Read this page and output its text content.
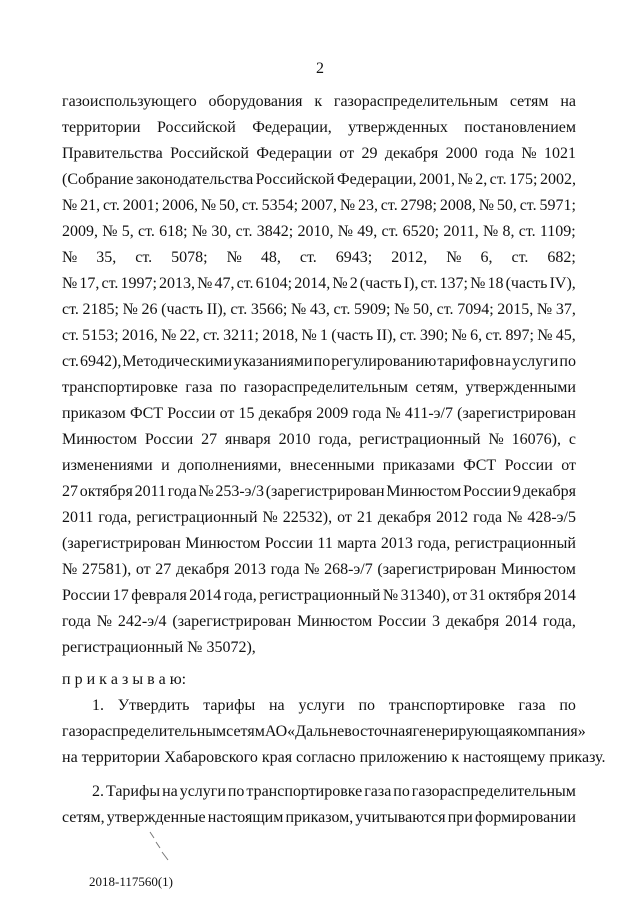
2
газоиспользующего оборудования к газораспределительным сетям на
территории Российской Федерации, утвержденных постановлением
Правительства Российской Федерации от 29 декабря 2000 года № 1021
(Собрание законодательства Российской Федерации, 2001, № 2, ст. 175; 2002,
№ 21, ст. 2001; 2006, № 50, ст. 5354; 2007, № 23, ст. 2798; 2008, № 50, ст. 5971;
2009, № 5, ст. 618; № 30, ст. 3842; 2010, № 49, ст. 6520; 2011, № 8, ст. 1109;
№ 35, ст. 5078; № 48, ст. 6943; 2012, № 6, ст. 682;
№ 17, ст. 1997; 2013, № 47, ст. 6104; 2014, № 2 (часть I), ст. 137; № 18 (часть IV),
ст. 2185; № 26 (часть II), ст. 3566; № 43, ст. 5909; № 50, ст. 7094; 2015, № 37,
ст. 5153; 2016, № 22, ст. 3211; 2018, № 1 (часть II), ст. 390; № 6, ст. 897; № 45,
ст. 6942), Методическими указаниями по регулированию тарифов на услуги по
транспортировке газа по газораспределительным сетям, утвержденными
приказом ФСТ России от 15 декабря 2009 года № 411-э/7 (зарегистрирован
Минюстом России 27 января 2010 года, регистрационный № 16076), с
изменениями и дополнениями, внесенными приказами ФСТ России от
27 октября 2011 года № 253-э/3 (зарегистрирован Минюстом России 9 декабря
2011 года, регистрационный № 22532), от 21 декабря 2012 года № 428-э/5
(зарегистрирован Минюстом России 11 марта 2013 года, регистрационный
№ 27581), от 27 декабря 2013 года № 268-э/7 (зарегистрирован Минюстом
России 17 февраля 2014 года, регистрационный № 31340), от 31 октября 2014
года № 242-э/4 (зарегистрирован Минюстом России 3 декабря 2014 года,
регистрационный № 35072),
п р и к а з ы в а ю:
1. Утвердить тарифы на услуги по транспортировке газа по
газораспределительным сетям АО «Дальневосточная генерирующая компания»
на территории Хабаровского края согласно приложению к настоящему приказу.
2. Тарифы на услуги по транспортировке газа по газораспределительным
сетям, утвержденные настоящим приказом, учитываются при формировании
2018-117560(1)
